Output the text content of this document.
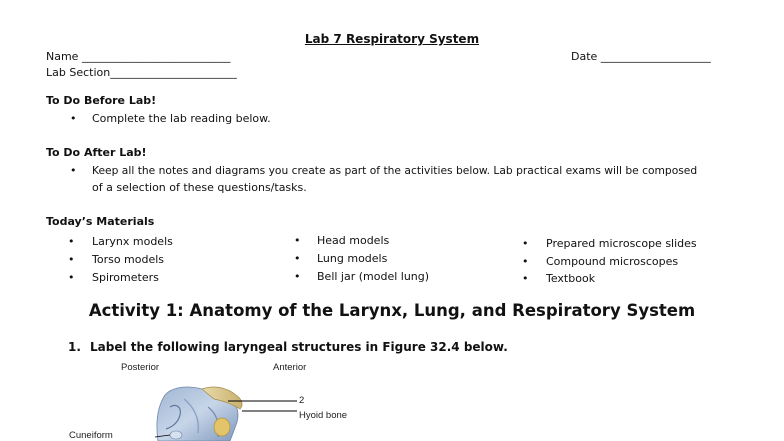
Lab 7 Respiratory System
Name ___________________________
Lab Section_______________________
Date ____________________
To Do Before Lab!
• Complete the lab reading below.
To Do After Lab!
• Keep all the notes and diagrams you create as part of the activities below. Lab practical exams will be composed
of a selection of these questions/tasks.
Today’s Materials
• Larynx models
• Torso models
• Spirometers
• Head models
• Lung models
• Bell jar (model lung)
• Prepared microscope slides
• Compound microscopes
• Textbook
Activity 1: Anatomy of the Larynx, Lung, and Respiratory System
1. Label the following laryngeal structures in Figure 32.4 below.
Posterior	Anterior
2
Hyoid bone
Cuneiform
